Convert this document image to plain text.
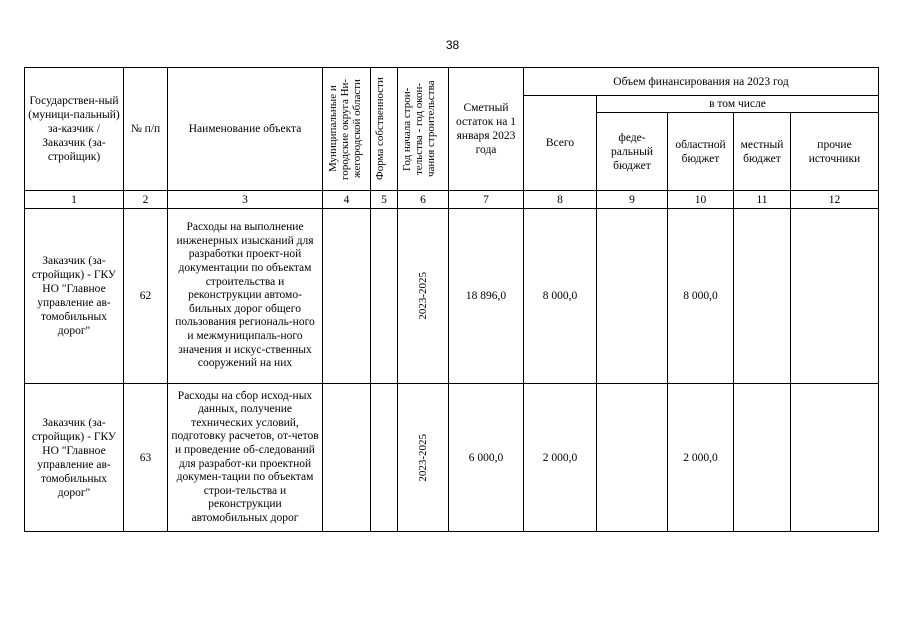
38
Государствен-ный (муници-пальный) за-казчик / Заказчик (за-стройщик)	№ п/п	Наименование объекта	Муниципальные и городские округа Ни-жегородской области	Форма собственности	Год начала строи-тельства - год окон-чания строительства	Сметный остаток на 1 января 2023 года	Объем финансирования на 2023 год				
							Всего	в том числе			
								феде-ральный бюджет	областной бюджет	местный бюджет	прочие источники
1	2	3	4	5	6	7	8	9	10	11	12
Заказчик (за-стройщик) - ГКУ НО "Главное управление ав-томобильных дорог"	62	Расходы на выполнение инженерных изысканий для разработки проект-ной документации по объектам строительства и реконструкции автомо-бильных дорог общего пользования региональ-ного и межмуниципаль-ного значения и искус-ственных сооружений на них			2023-2025	18 896,0	8 000,0		8 000,0		
Заказчик (за-стройщик) - ГКУ НО "Главное управление ав-томобильных дорог"	63	Расходы на сбор исход-ных данных, получение технических условий, подготовку расчетов, от-четов и проведение об-следований для разработ-ки проектной докумен-тации по объектам строи-тельства и реконструкции автомобильных дорог			2023-2025	6 000,0	2 000,0		2 000,0		
